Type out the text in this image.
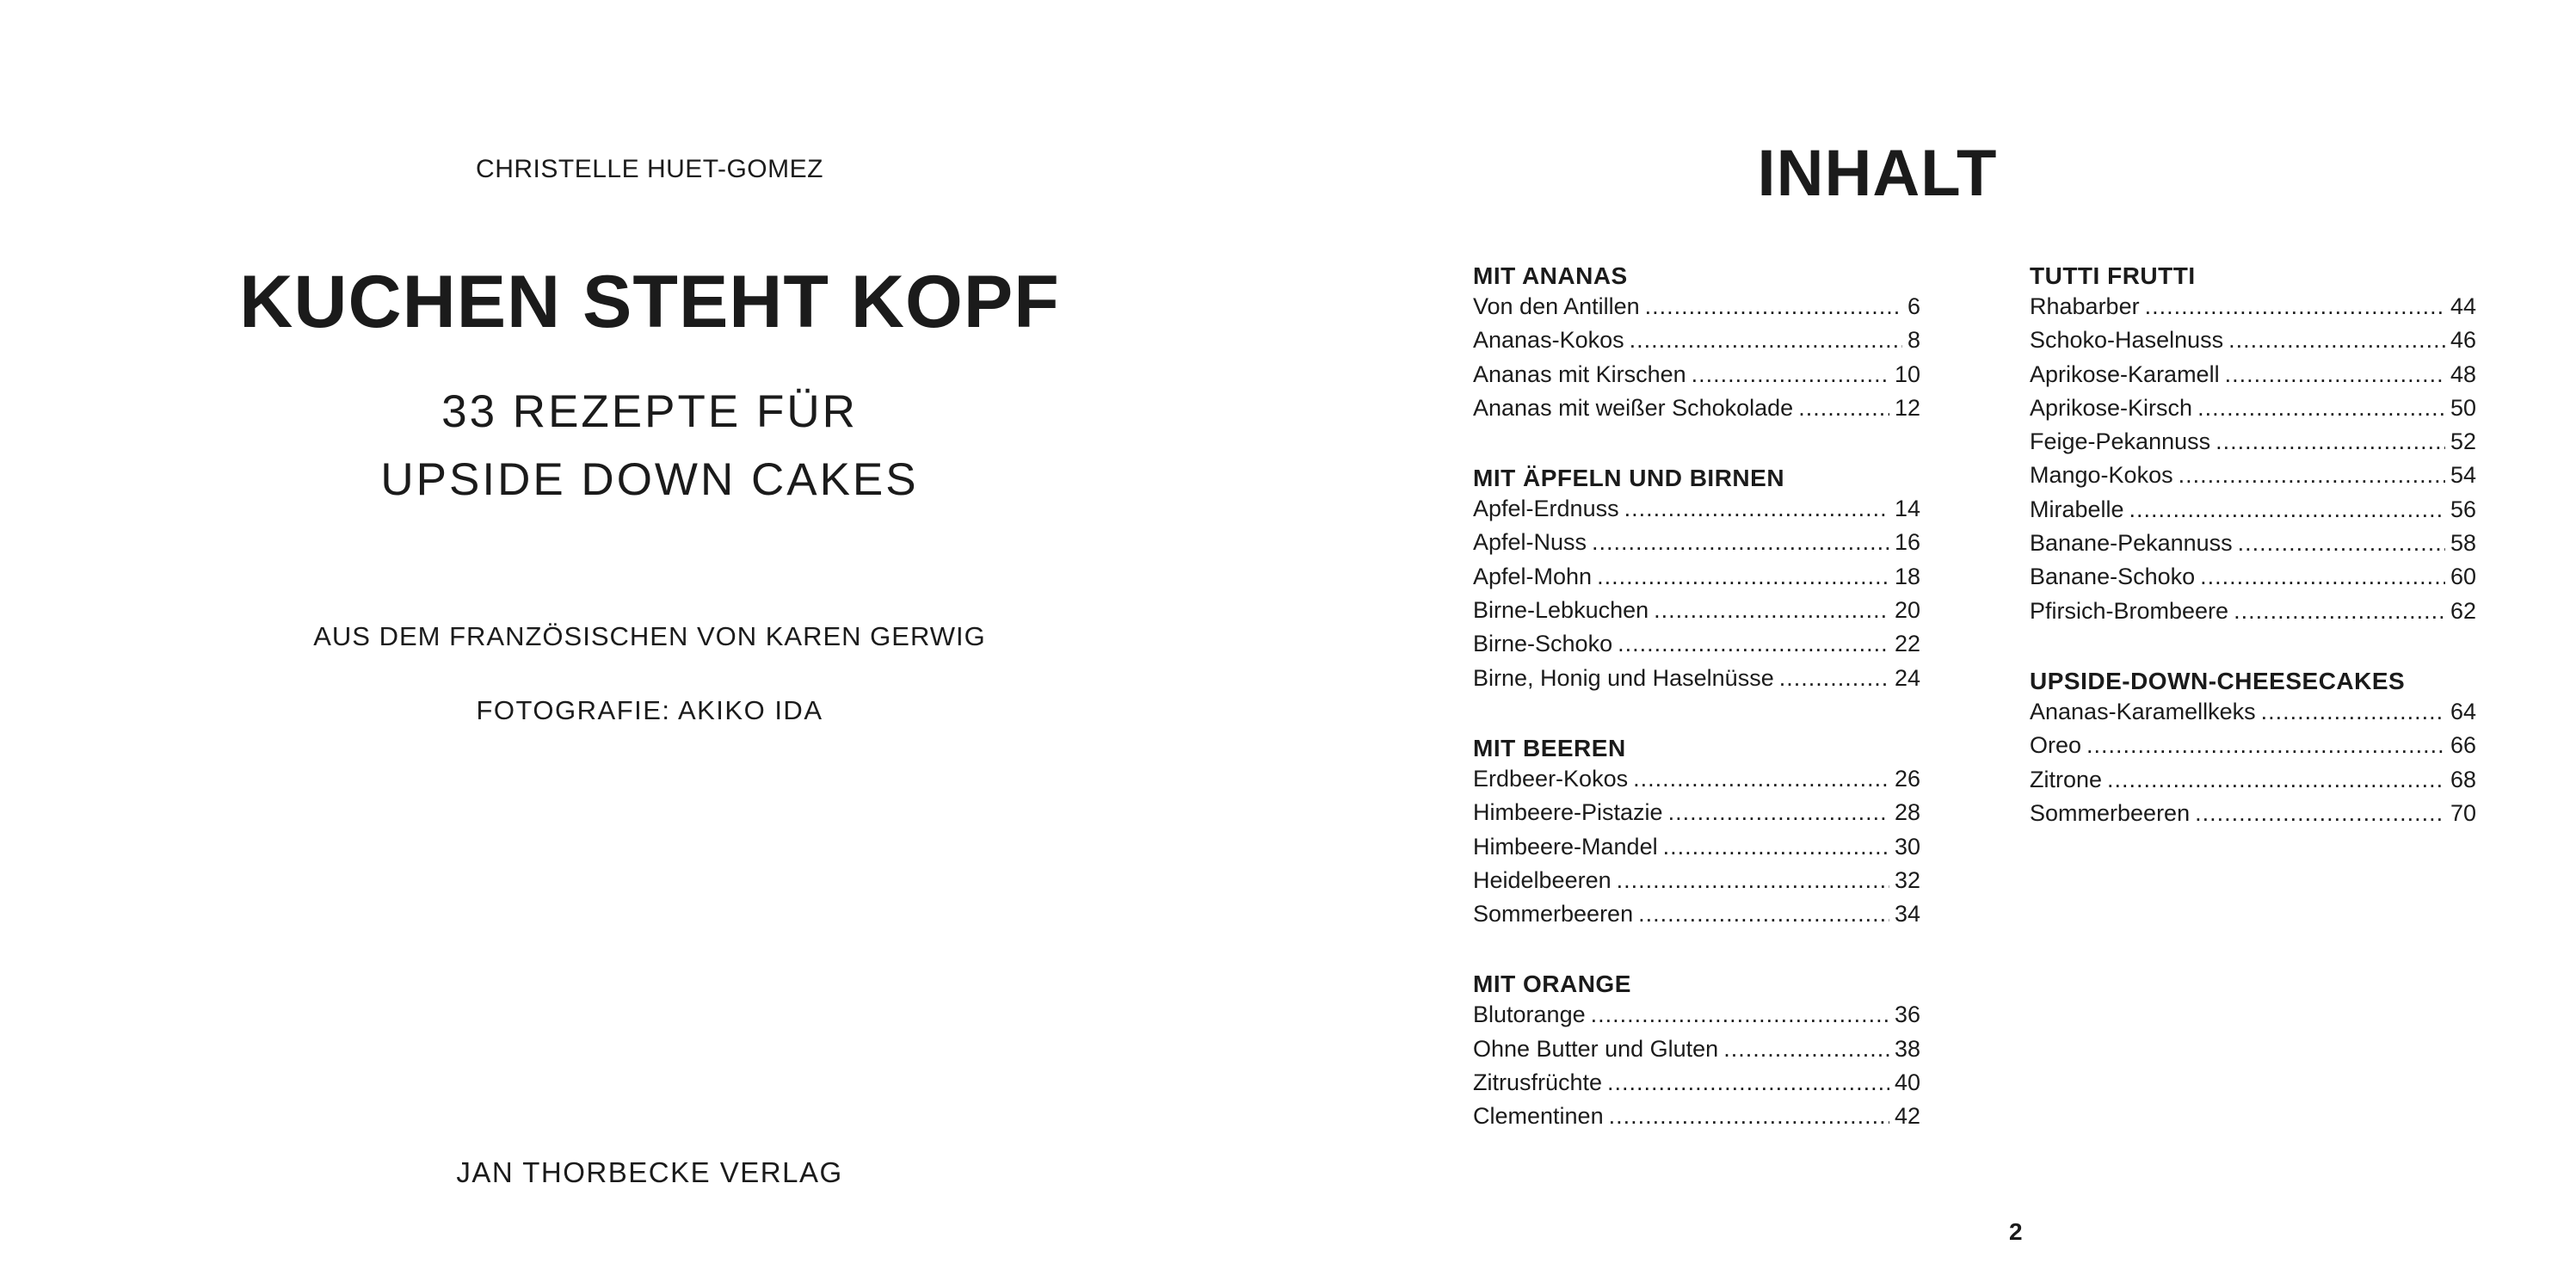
CHRISTELLE HUET-GOMEZ
KUCHEN STEHT KOPF
33 REZEPTE FÜR
UPSIDE DOWN CAKES
AUS DEM FRANZÖSISCHEN VON KAREN GERWIG
FOTOGRAFIE: AKIKO IDA
JAN THORBECKE VERLAG
INHALT
MIT ANANAS
Von den Antillen .....	6
Ananas-Kokos .....	8
Ananas mit Kirschen .....	10
Ananas mit weißer Schokolade .....	12
MIT ÄPFELN UND BIRNEN
Apfel-Erdnuss .....	14
Apfel-Nuss .....	16
Apfel-Mohn .....	18
Birne-Lebkuchen .....	20
Birne-Schoko .....	22
Birne, Honig und Haselnüsse .....	24
MIT BEEREN
Erdbeer-Kokos .....	26
Himbeere-Pistazie .....	28
Himbeere-Mandel .....	30
Heidelbeeren .....	32
Sommerbeeren .....	34
MIT ORANGE
Blutorange .....	36
Ohne Butter und Gluten .....	38
Zitrusfrüchte .....	40
Clementinen .....	42
TUTTI FRUTTI
Rhabarber .....	44
Schoko-Haselnuss .....	46
Aprikose-Karamell .....	48
Aprikose-Kirsch .....	50
Feige-Pekannuss .....	52
Mango-Kokos .....	54
Mirabelle .....	56
Banane-Pekannuss .....	58
Banane-Schoko .....	60
Pfirsich-Brombeere .....	62
UPSIDE-DOWN-CHEESECAKES
Ananas-Karamellkeks .....	64
Oreo .....	66
Zitrone .....	68
Sommerbeeren .....	70
2
